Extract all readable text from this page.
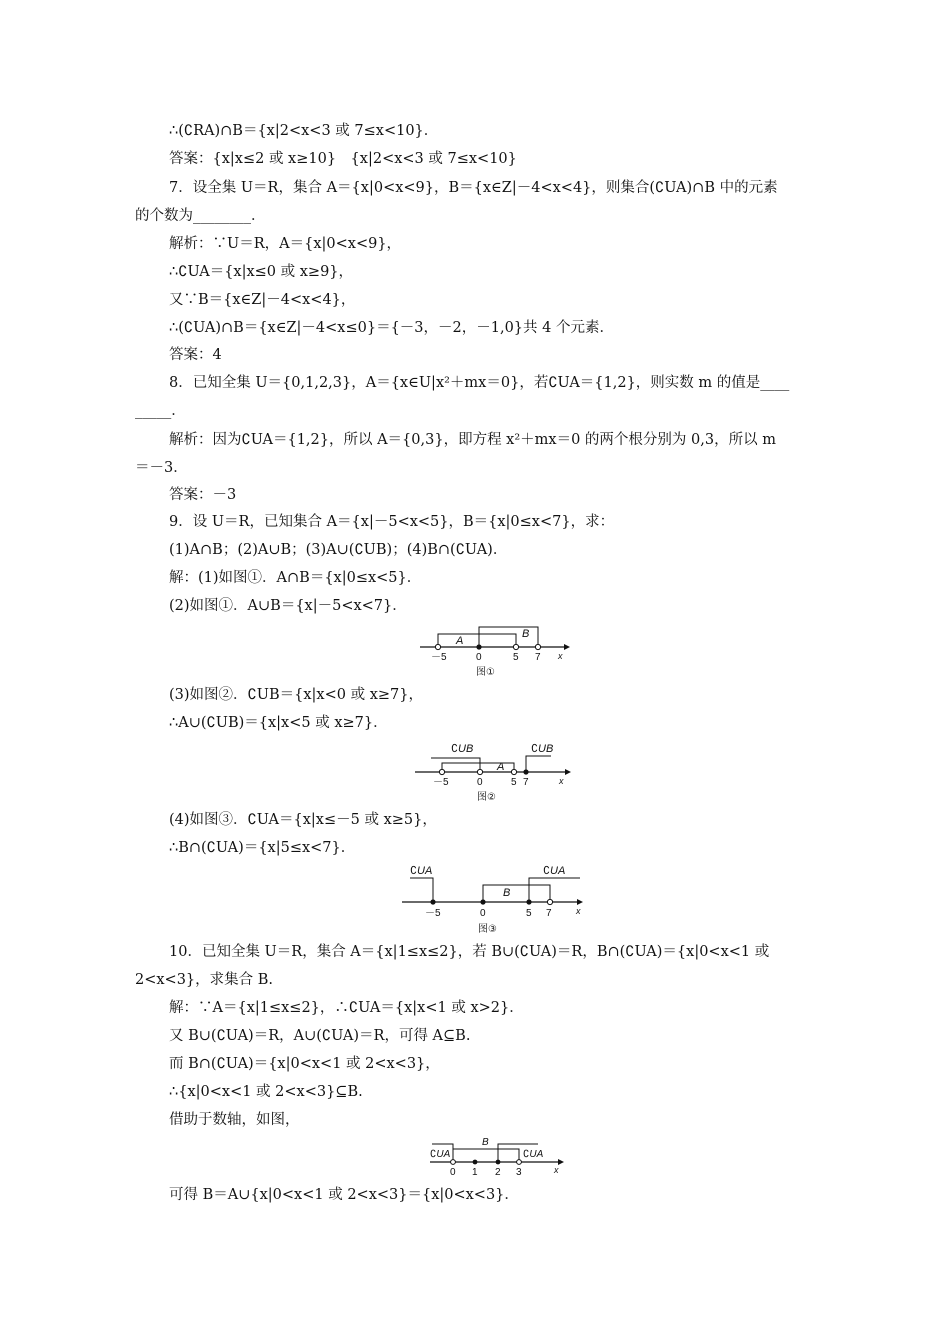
∴(∁RA)∩B＝{x|2<x<3 或 7≤x<10}．
答案：{x|x≤2 或 x≥10}　{x|2<x<3 或 7≤x<10}
7．设全集 U＝R，集合 A＝{x|0<x<9}，B＝{x∈Z|－4<x<4}，则集合(∁UA)∩B 中的元素
的个数为________．
解析：∵U＝R，A＝{x|0<x<9}，
∴∁UA＝{x|x≤0 或 x≥9}，
又∵B＝{x∈Z|－4<x<4}，
∴(∁UA)∩B＝{x∈Z|－4<x≤0}＝{－3，－2，－1,0}共 4 个元素．
答案：4
8．已知全集 U＝{0,1,2,3}，A＝{x∈U|x²＋mx＝0}，若∁UA＝{1,2}，则实数 m 的值是____
_____．
解析：因为∁UA＝{1,2}，所以 A＝{0,3}，即方程 x²＋mx＝0 的两个根分别为 0,3，所以 m
＝－3．
答案：－3
9．设 U＝R，已知集合 A＝{x|－5<x<5}，B＝{x|0≤x<7}，求：
(1)A∩B；(2)A∪B；(3)A∪(∁UB)；(4)B∩(∁UA)．
解：(1)如图①．A∩B＝{x|0≤x<5}．
(2)如图①．A∪B＝{x|－5<x<7}．
A
B
－5	0	5 7 x
图①
(3)如图②．∁UB＝{x|x<0 或 x≥7}，
∴A∪(∁UB)＝{x|x<5 或 x≥7}．
∁UB	∁UB
A
－5	0	5 7	x
图②
(4)如图③．∁UA＝{x|x≤－5 或 x≥5}，
∴B∩(∁UA)＝{x|5≤x<7}．
∁UA	∁UA
B
－5	0	5 7	x
图③
10．已知全集 U＝R，集合 A＝{x|1≤x≤2}，若 B∪(∁UA)＝R，B∩(∁UA)＝{x|0<x<1 或
2<x<3}，求集合 B.
解：∵A＝{x|1≤x≤2}，∴∁UA＝{x|x<1 或 x>2}．
又 B∪(∁UA)＝R，A∪(∁UA)＝R，可得 A⊆B.
而 B∩(∁UA)＝{x|0<x<1 或 2<x<3}，
∴{x|0<x<1 或 2<x<3}⊆B.
借助于数轴，如图，
∁UA	∁UA
B
0 1 2 3	x
可得 B＝A∪{x|0<x<1 或 2<x<3}＝{x|0<x<3}．
